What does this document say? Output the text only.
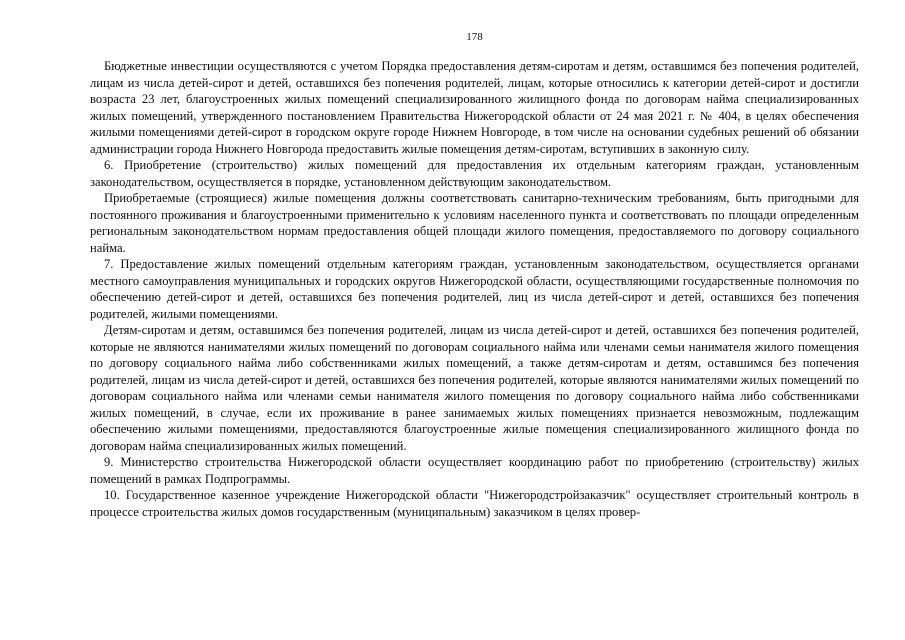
178

Бюджетные инвестиции осуществляются с учетом Порядка предоставления детям-сиротам и детям, оставшимся без попечения родителей, лицам из числа детей-сирот и детей, оставшихся без попечения родителей, лицам, которые относились к категории детей-сирот и достигли возраста 23 лет, благоустроенных жилых помещений специализированного жилищного фонда по договорам найма специализированных жилых помещений, утвержденного постановлением Правительства Нижегородской области от 24 мая 2021 г. № 404, в целях обеспечения жилыми помещениями детей-сирот в городском округе городе Нижнем Новгороде, в том числе на основании судебных решений об обязании администрации города Нижнего Новгорода предоставить жилые помещения детям-сиротам, вступивших в законную силу.

6. Приобретение (строительство) жилых помещений для предоставления их отдельным категориям граждан, установленным законодательством, осуществляется в порядке, установленном действующим законодательством.

Приобретаемые (строящиеся) жилые помещения должны соответствовать санитарно-техническим требованиям, быть пригодными для постоянного проживания и благоустроенными применительно к условиям населенного пункта и соответствовать по площади определенным региональным законодательством нормам предоставления общей площади жилого помещения, предоставляемого по договору социального найма.

7. Предоставление жилых помещений отдельным категориям граждан, установленным законодательством, осуществляется органами местного самоуправления муниципальных и городских округов Нижегородской области, осуществляющими государственные полномочия по обеспечению детей-сирот и детей, оставшихся без попечения родителей, лиц из числа детей-сирот и детей, оставшихся без попечения родителей, жилыми помещениями.

Детям-сиротам и детям, оставшимся без попечения родителей, лицам из числа детей-сирот и детей, оставшихся без попечения родителей, которые не являются нанимателями жилых помещений по договорам социального найма или членами семьи нанимателя жилого помещения по договору социального найма либо собственниками жилых помещений, а также детям-сиротам и детям, оставшимся без попечения родителей, лицам из числа детей-сирот и детей, оставшихся без попечения родителей, которые являются нанимателями жилых помещений по договорам социального найма или членами семьи нанимателя жилого помещения по договору социального найма либо собственниками жилых помещений, в случае, если их проживание в ранее занимаемых жилых помещениях признается невозможным, подлежащим обеспечению жилыми помещениями, предоставляются благоустроенные жилые помещения специализированного жилищного фонда по договорам найма специализированных жилых помещений.

9. Министерство строительства Нижегородской области осуществляет координацию работ по приобретению (строительству) жилых помещений в рамках Подпрограммы.

10. Государственное казенное учреждение Нижегородской области "Нижегородстройзаказчик" осуществляет строительный контроль в процессе строительства жилых домов государственным (муниципальным) заказчиком в целях провер-
